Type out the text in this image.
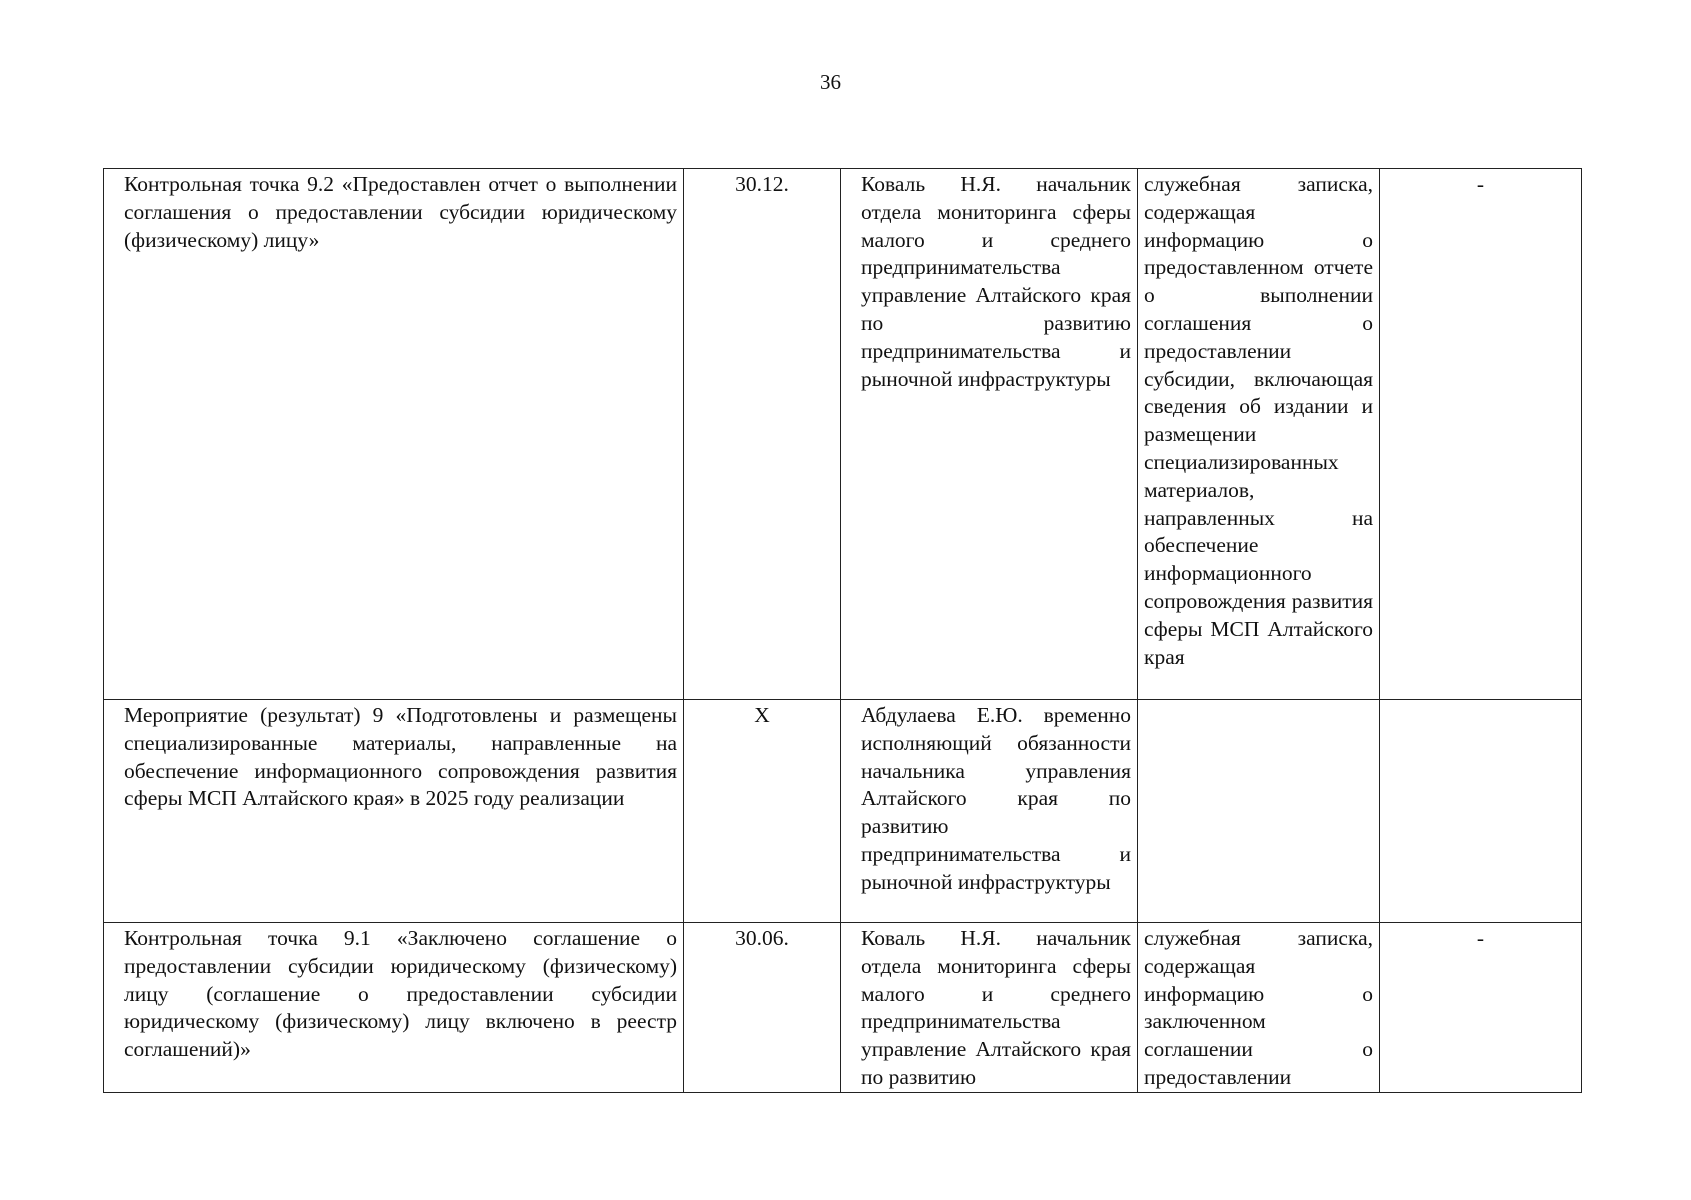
36
Контрольная точка 9.2 «Предоставлен отчет о выполнении соглашения о предоставлении субсидии юридическому (физическому) лицу»	30.12.	Коваль Н.Я. начальник отдела мониторинга сферы малого и среднего предпринимательства управление Алтайского края по развитию предпринимательства и рыночной инфраструктуры	служебная записка, содержащая информацию о предоставленном отчете о выполнении соглашения о предоставлении субсидии, включающая сведения об издании и размещении специализированных материалов, направленных на обеспечение информационного сопровождения развития сферы МСП Алтайского края	-
Мероприятие (результат) 9 «Подготовлены и размещены специализированные материалы, направленные на обеспечение информационного сопровождения развития сферы МСП Алтайского края» в 2025 году реализации	X	Абдулаева Е.Ю. временно исполняющий обязанности начальника управления Алтайского края по развитию предпринимательства и рыночной инфраструктуры		
Контрольная точка 9.1 «Заключено соглашение о предоставлении субсидии юридическому (физическому) лицу (соглашение о предоставлении субсидии юридическому (физическому) лицу включено в реестр соглашений)»	30.06.	Коваль Н.Я. начальник отдела мониторинга сферы малого и среднего предпринимательства управление Алтайского края по развитию	служебная записка, содержащая информацию о заключенном соглашении о предоставлении	-
